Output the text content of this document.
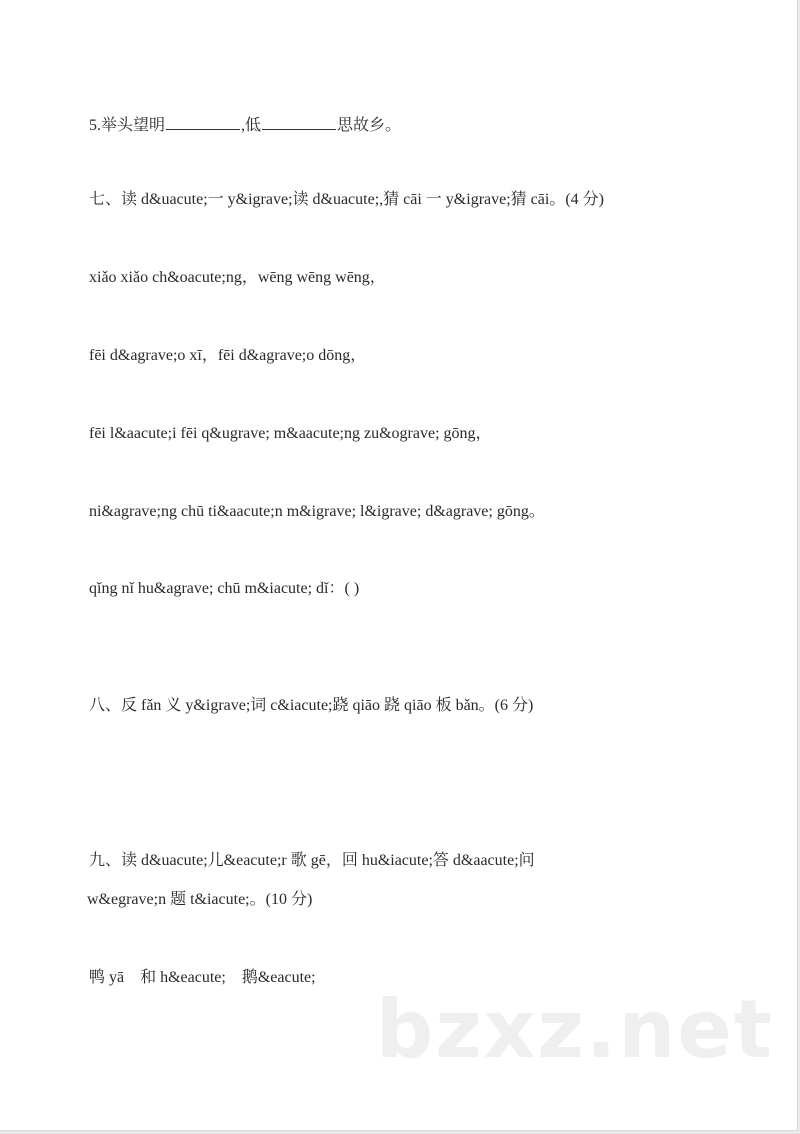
5.举头望明	,低	思故乡。
七、读 d&uacute;一 y&igrave;读 d&uacute;,猜 cāi 一 y&igrave;猜 cāi。(4 分)
xiǎo xiǎo ch&oacute;ng，wēng wēng wēng，
fēi d&agrave;o xī，fēi d&agrave;o dōng，
fēi l&aacute;i fēi q&ugrave; m&aacute;ng zu&ograve; gōng，
ni&agrave;ng chū ti&aacute;n m&igrave; l&igrave; d&agrave; gōng。
qǐng nǐ hu&agrave; chū m&iacute; dǐ：( )
八、反 fǎn 义 y&igrave;词 c&iacute;跷 qiāo 跷 qiāo 板 bǎn。(6 分)
九、读 d&uacute;儿&eacute;r 歌 gē，回 hu&iacute;答 d&aacute;问
w&egrave;n 题 t&iacute;。(10 分)
鸭 yā　和 h&eacute;　鹅&eacute;
bzxz.net
